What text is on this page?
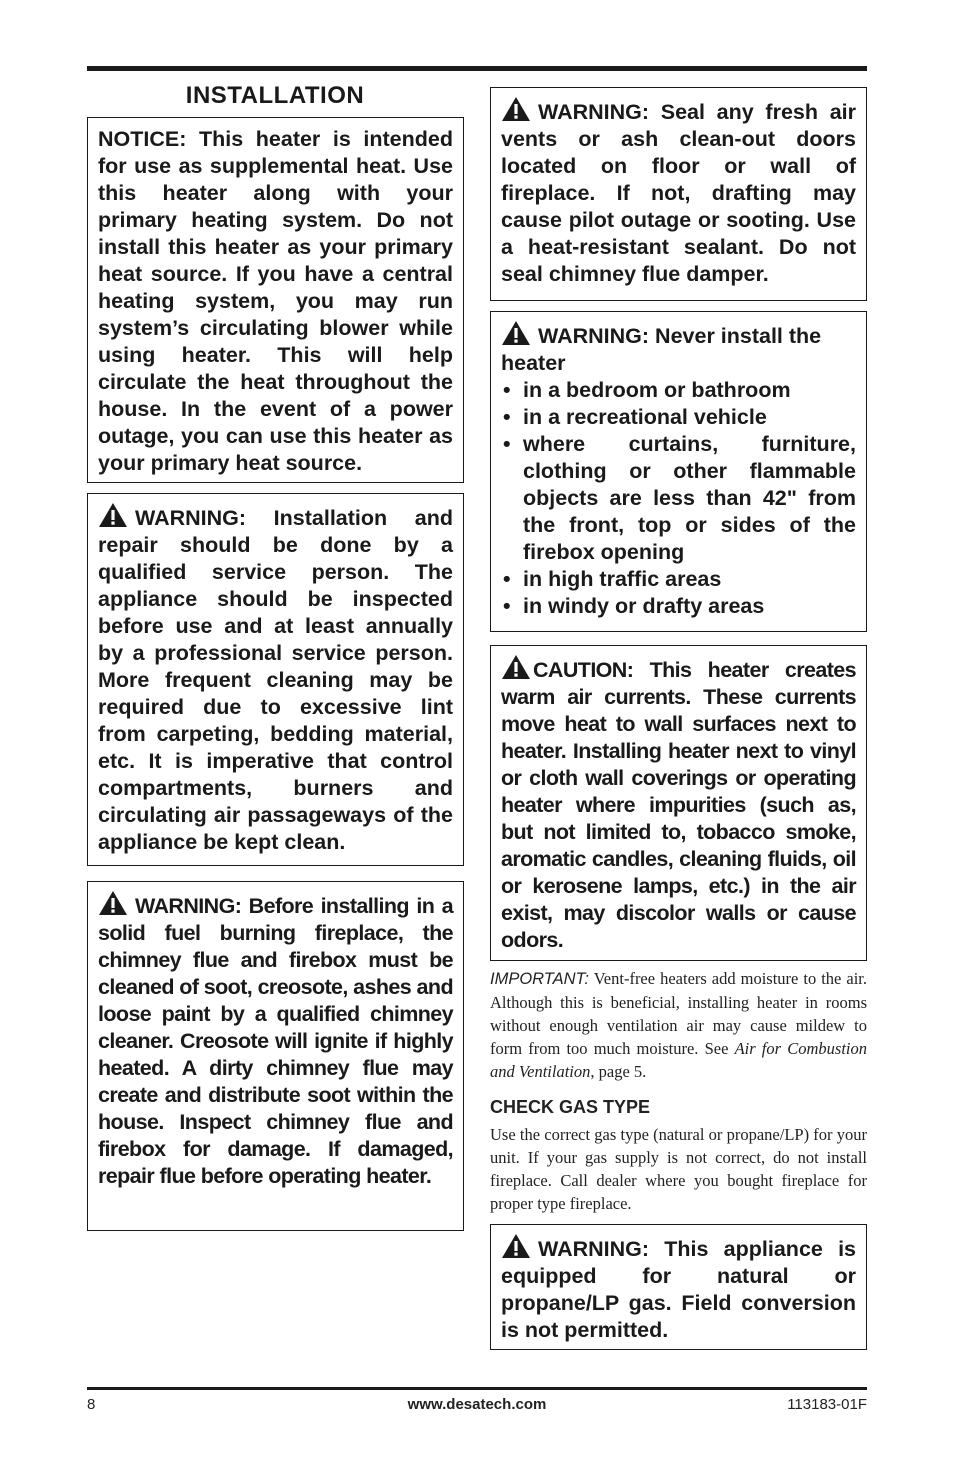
INSTALLATION
NOTICE: This heater is intended for use as supplemental heat. Use this heater along with your primary heating system. Do not install this heater as your primary heat source. If you have a central heating system, you may run system’s circulating blower while using heater. This will help circulate the heat throughout the house. In the event of a power outage, you can use this heater as your primary heat source.
WARNING: Installation and repair should be done by a qualified service person. The appliance should be inspected before use and at least annually by a professional service person. More frequent cleaning may be required due to excessive lint from carpeting, bedding material, etc. It is imperative that control compartments, burners and circulating air passageways of the appliance be kept clean.
WARNING: Before installing in a solid fuel burning fireplace, the chimney flue and firebox must be cleaned of soot, creosote, ashes and loose paint by a qualified chimney cleaner. Creosote will ignite if highly heated. A dirty chimney flue may create and distribute soot within the house. Inspect chimney flue and firebox for damage. If damaged, repair flue before operating heater.
WARNING: Seal any fresh air vents or ash clean-out doors located on floor or wall of fireplace. If not, drafting may cause pilot outage or sooting. Use a heat-resistant sealant. Do not seal chimney flue damper.
WARNING: Never install the heater
• in a bedroom or bathroom
• in a recreational vehicle
• where curtains, furniture, clothing or other flammable objects are less than 42" from the front, top or sides of the firebox opening
• in high traffic areas
• in windy or drafty areas
CAUTION: This heater creates warm air currents. These currents move heat to wall surfaces next to heater. Installing heater next to vinyl or cloth wall coverings or operating heater where impurities (such as, but not limited to, tobacco smoke, aromatic candles, cleaning fluids, oil or kerosene lamps, etc.) in the air exist, may discolor walls or cause odors.
IMPORTANT: Vent-free heaters add moisture to the air. Although this is beneficial, installing heater in rooms without enough ventilation air may cause mildew to form from too much moisture. See Air for Combustion and Ventilation, page 5.
CHECK GAS TYPE
Use the correct gas type (natural or propane/LP) for your unit. If your gas supply is not correct, do not install fireplace. Call dealer where you bought fireplace for proper type fireplace.
WARNING: This appliance is equipped for natural or propane/LP gas. Field conversion is not permitted.
8	www.desatech.com	113183-01F
